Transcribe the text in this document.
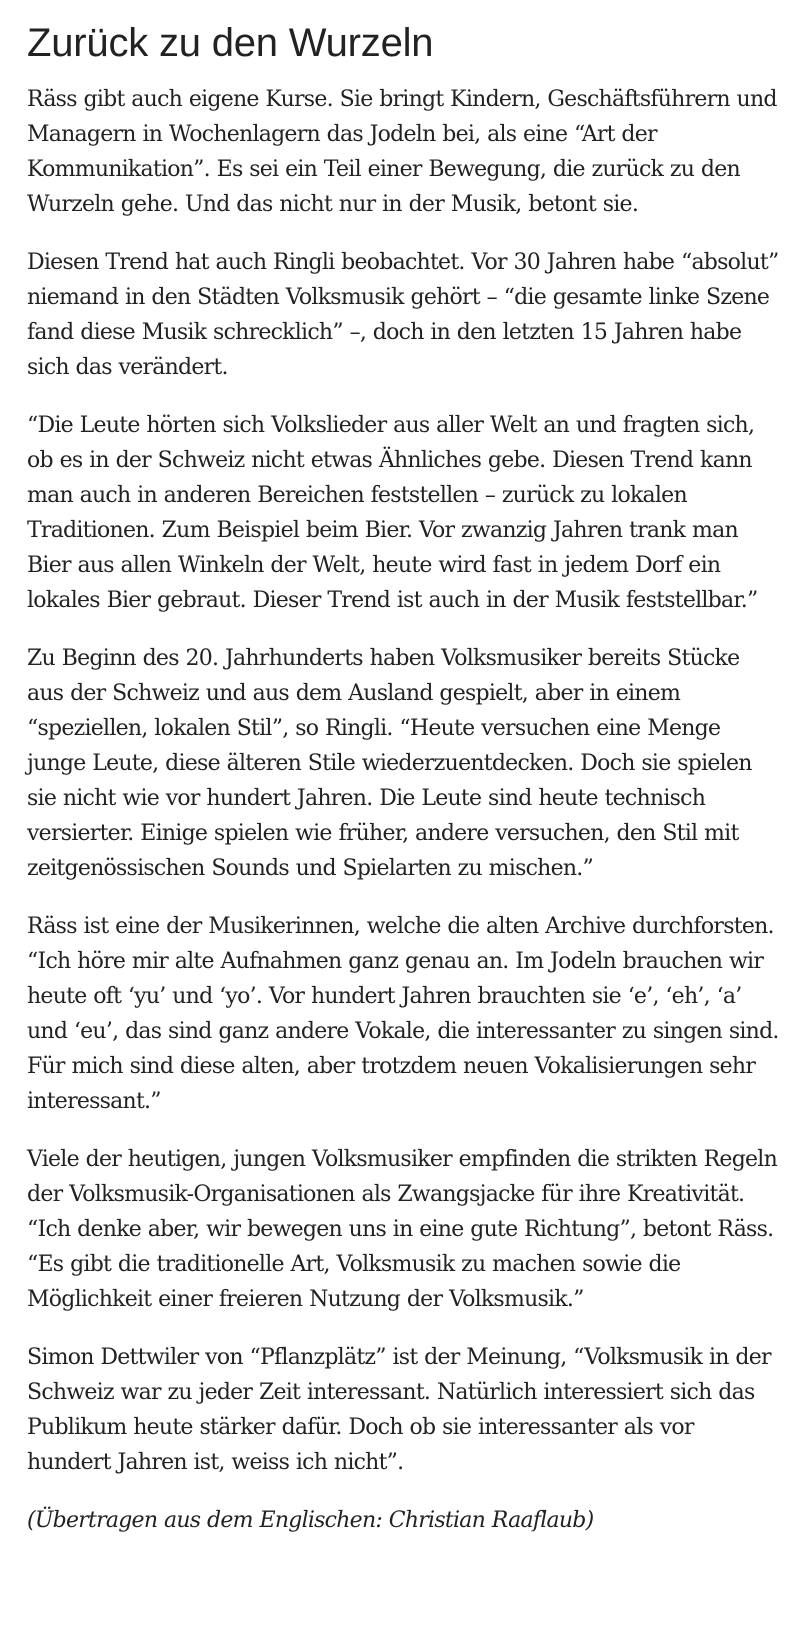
Zurück zu den Wurzeln

Räss gibt auch eigene Kurse. Sie bringt Kindern, Geschäftsführern und Managern in Wochenlagern das Jodeln bei, als eine “Art der Kommunikation”. Es sei ein Teil einer Bewegung, die zurück zu den Wurzeln gehe. Und das nicht nur in der Musik, betont sie.

Diesen Trend hat auch Ringli beobachtet. Vor 30 Jahren habe “absolut” niemand in den Städten Volksmusik gehört – “die gesamte linke Szene fand diese Musik schrecklich” –, doch in den letzten 15 Jahren habe sich das verändert.

“Die Leute hörten sich Volkslieder aus aller Welt an und fragten sich, ob es in der Schweiz nicht etwas Ähnliches gebe. Diesen Trend kann man auch in anderen Bereichen feststellen – zurück zu lokalen Traditionen. Zum Beispiel beim Bier. Vor zwanzig Jahren trank man Bier aus allen Winkeln der Welt, heute wird fast in jedem Dorf ein lokales Bier gebraut. Dieser Trend ist auch in der Musik feststellbar.”

Zu Beginn des 20. Jahrhunderts haben Volksmusiker bereits Stücke aus der Schweiz und aus dem Ausland gespielt, aber in einem “speziellen, lokalen Stil”, so Ringli. “Heute versuchen eine Menge junge Leute, diese älteren Stile wiederzuentdecken. Doch sie spielen sie nicht wie vor hundert Jahren. Die Leute sind heute technisch versierter. Einige spielen wie früher, andere versuchen, den Stil mit zeitgenössischen Sounds und Spielarten zu mischen.”

Räss ist eine der Musikerinnen, welche die alten Archive durchforsten. “Ich höre mir alte Aufnahmen ganz genau an. Im Jodeln brauchen wir heute oft ‘yu’ und ‘yo’. Vor hundert Jahren brauchten sie ‘e’, ‘eh’, ‘a’ und ‘eu’, das sind ganz andere Vokale, die interessanter zu singen sind. Für mich sind diese alten, aber trotzdem neuen Vokalisierungen sehr interessant.”

Viele der heutigen, jungen Volksmusiker empfinden die strikten Regeln der Volksmusik-Organisationen als Zwangsjacke für ihre Kreativität. “Ich denke aber, wir bewegen uns in eine gute Richtung”, betont Räss. “Es gibt die traditionelle Art, Volksmusik zu machen sowie die Möglichkeit einer freieren Nutzung der Volksmusik.”

Simon Dettwiler von “Pflanzplätz” ist der Meinung, “Volksmusik in der Schweiz war zu jeder Zeit interessant. Natürlich interessiert sich das Publikum heute stärker dafür. Doch ob sie interessanter als vor hundert Jahren ist, weiss ich nicht”.

(Übertragen aus dem Englischen: Christian Raaflaub)
